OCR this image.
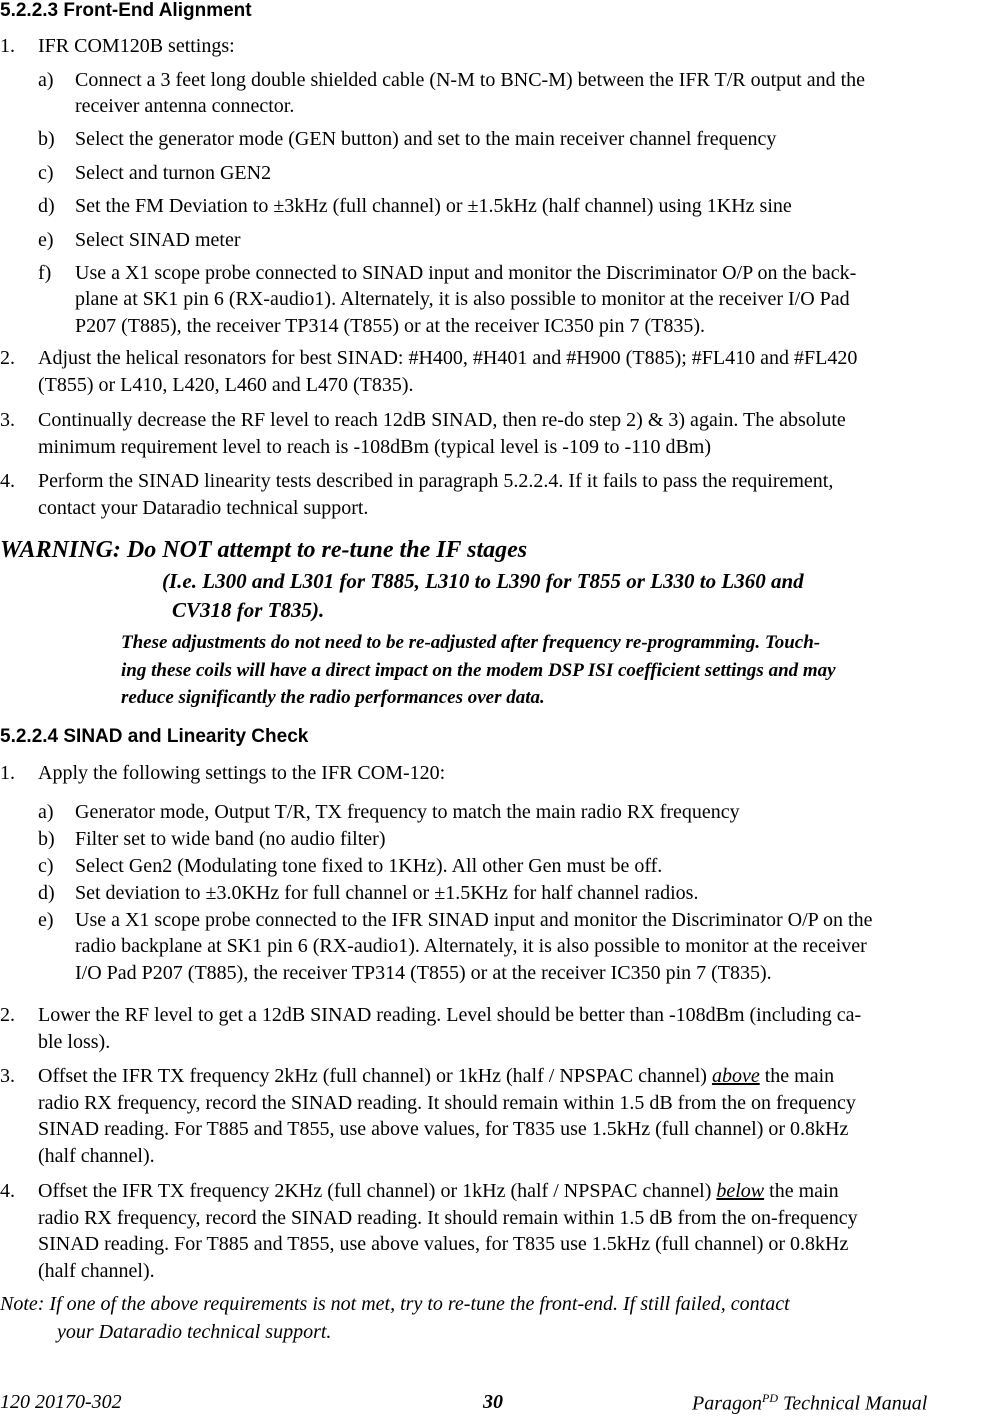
5.2.2.3 Front-End Alignment
1. IFR COM120B settings:
a) Connect a 3 feet long double shielded cable (N-M to BNC-M) between the IFR T/R output and the
receiver antenna connector.
b) Select the generator mode (GEN button) and set to the main receiver channel frequency
c) Select and turnon GEN2
d) Set the FM Deviation to ±3kHz (full channel) or ±1.5kHz (half channel) using 1KHz sine
e) Select SINAD meter
f) Use a X1 scope probe connected to SINAD input and monitor the Discriminator O/P on the back-
plane at SK1 pin 6 (RX-audio1). Alternately, it is also possible to monitor at the receiver I/O Pad
P207 (T885), the receiver TP314 (T855) or at the receiver IC350 pin 7 (T835).
2. Adjust the helical resonators for best SINAD: #H400, #H401 and #H900 (T885); #FL410 and #FL420
(T855) or L410, L420, L460 and L470 (T835).
3. Continually decrease the RF level to reach 12dB SINAD, then re-do step 2) & 3) again. The absolute
minimum requirement level to reach is -108dBm (typical level is -109 to -110 dBm)
4. Perform the SINAD linearity tests described in paragraph 5.2.2.4. If it fails to pass the requirement,
contact your Dataradio technical support.
WARNING: Do NOT attempt to re-tune the IF stages
(I.e. L300 and L301 for T885, L310 to L390 for T855 or L330 to L360 and
CV318 for T835).
These adjustments do not need to be re-adjusted after frequency re-programming. Touch-
ing these coils will have a direct impact on the modem DSP ISI coefficient settings and may
reduce significantly the radio performances over data.
5.2.2.4 SINAD and Linearity Check
1. Apply the following settings to the IFR COM-120:
a) Generator mode, Output T/R, TX frequency to match the main radio RX frequency
b) Filter set to wide band (no audio filter)
c) Select Gen2 (Modulating tone fixed to 1KHz). All other Gen must be off.
d) Set deviation to ±3.0KHz for full channel or ±1.5KHz for half channel radios.
e) Use a X1 scope probe connected to the IFR SINAD input and monitor the Discriminator O/P on the
radio backplane at SK1 pin 6 (RX-audio1). Alternately, it is also possible to monitor at the receiver
I/O Pad P207 (T885), the receiver TP314 (T855) or at the receiver IC350 pin 7 (T835).
2. Lower the RF level to get a 12dB SINAD reading. Level should be better than -108dBm (including ca-
ble loss).
3. Offset the IFR TX frequency 2kHz (full channel) or 1kHz (half / NPSPAC channel) above the main
radio RX frequency, record the SINAD reading. It should remain within 1.5 dB from the on frequency
SINAD reading. For T885 and T855, use above values, for T835 use 1.5kHz (full channel) or 0.8kHz
(half channel).
4. Offset the IFR TX frequency 2KHz (full channel) or 1kHz (half / NPSPAC channel) below the main
radio RX frequency, record the SINAD reading. It should remain within 1.5 dB from the on-frequency
SINAD reading. For T885 and T855, use above values, for T835 use 1.5kHz (full channel) or 0.8kHz
(half channel).
Note: If one of the above requirements is not met, try to re-tune the front-end. If still failed, contact
your Dataradio technical support.
120 20170-302	30	Paragon$^{PD}$ Technical Manual
